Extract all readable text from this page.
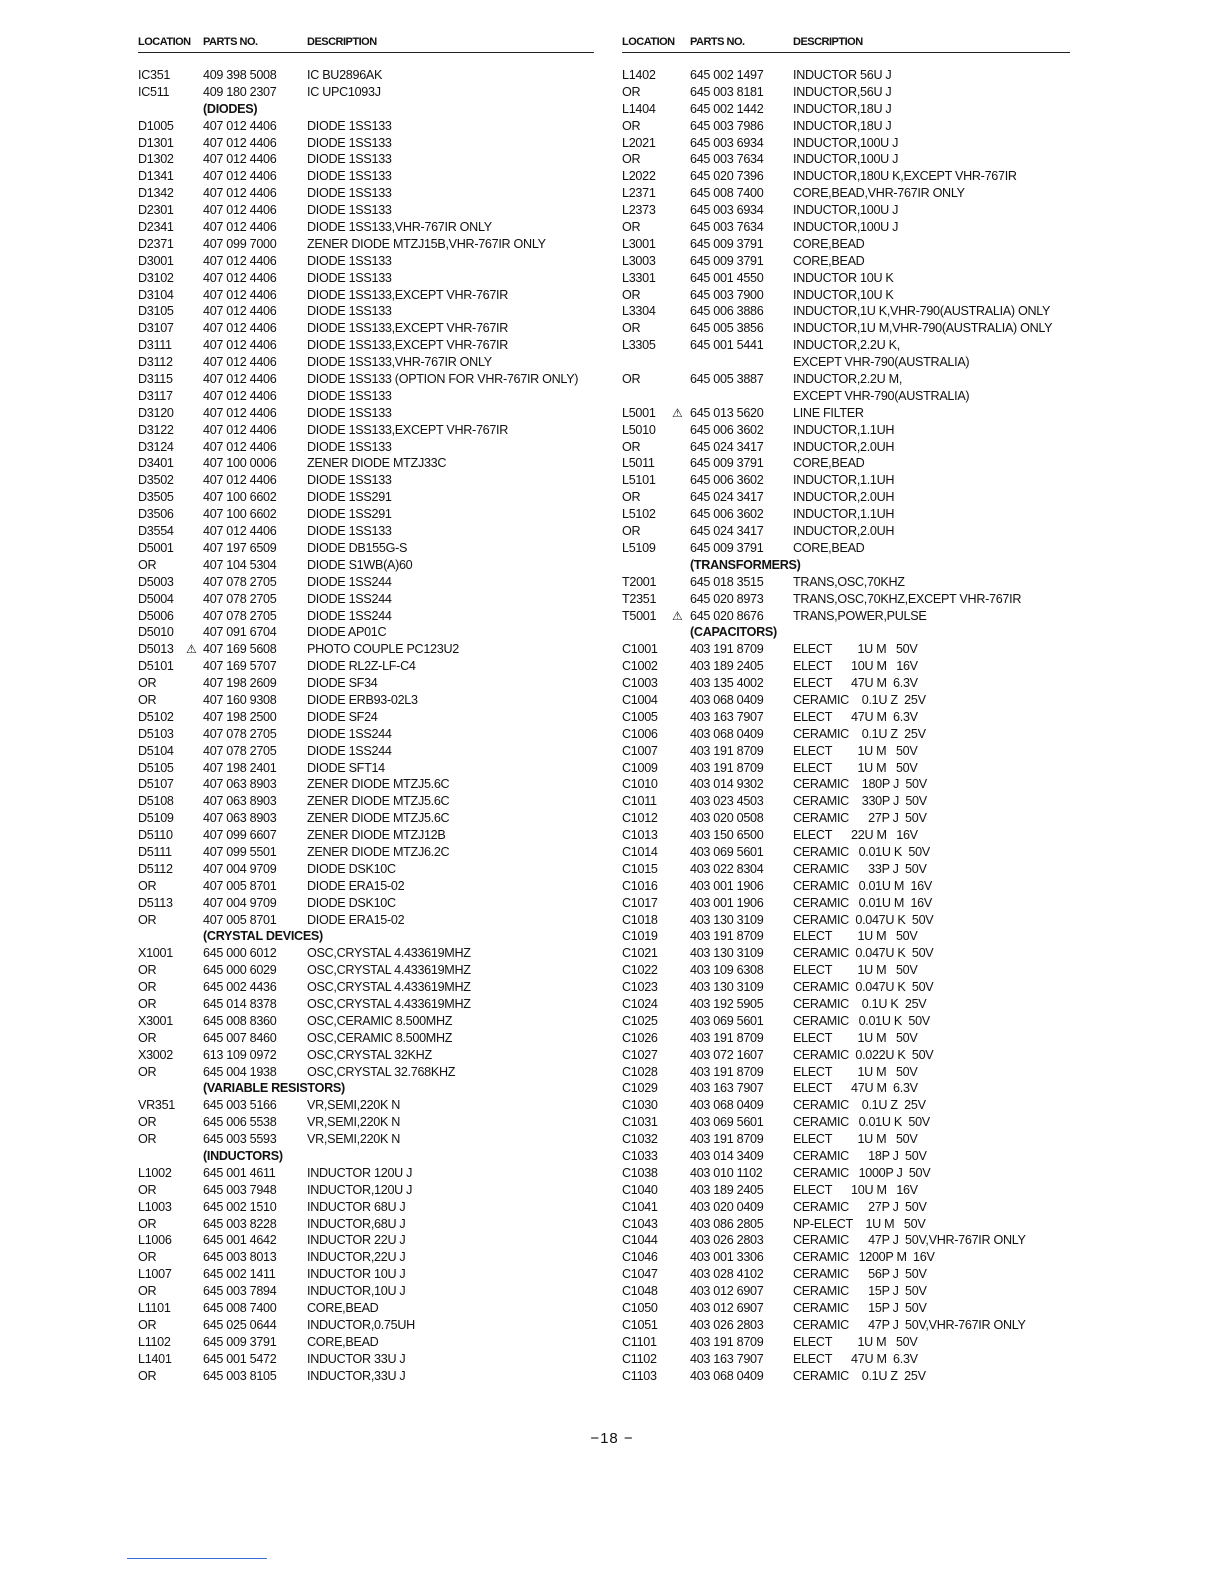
LOCATION PARTS NO.	DESCRIPTION
IC351	409 398 5008 IC BU2896AK
IC511	409 180 2307 IC UPC1093J
(DIODES)
D1005 407 012 4406 DIODE 1SS133
D1301 407 012 4406 DIODE 1SS133
D1302 407 012 4406 DIODE 1SS133
D1341 407 012 4406 DIODE 1SS133
D1342 407 012 4406 DIODE 1SS133
D2301 407 012 4406 DIODE 1SS133
D2341 407 012 4406 DIODE 1SS133,VHR-767IR ONLY
D2371 407 099 7000 ZENER DIODE MTZJ15B,VHR-767IR ONLY
D3001 407 012 4406 DIODE 1SS133
D3102 407 012 4406 DIODE 1SS133
D3104 407 012 4406 DIODE 1SS133,EXCEPT VHR-767IR
D3105 407 012 4406 DIODE 1SS133
D3107 407 012 4406 DIODE 1SS133,EXCEPT VHR-767IR
D3111 407 012 4406 DIODE 1SS133,EXCEPT VHR-767IR
D3112 407 012 4406 DIODE 1SS133,VHR-767IR ONLY
D3115 407 012 4406 DIODE 1SS133 (OPTION FOR VHR-767IR ONLY)
D3117 407 012 4406 DIODE 1SS133
D3120 407 012 4406 DIODE 1SS133
D3122 407 012 4406 DIODE 1SS133,EXCEPT VHR-767IR
D3124 407 012 4406 DIODE 1SS133
D3401 407 100 0006 ZENER DIODE MTZJ33C
D3502 407 012 4406 DIODE 1SS133
D3505 407 100 6602 DIODE 1SS291
D3506 407 100 6602 DIODE 1SS291
D3554 407 012 4406 DIODE 1SS133
D5001 407 197 6509 DIODE DB155G-S
OR	407 104 5304 DIODE S1WB(A)60
D5003 407 078 2705 DIODE 1SS244
D5004 407 078 2705 DIODE 1SS244
D5006 407 078 2705 DIODE 1SS244
D5010 407 091 6704 DIODE AP01C
D5013 407 169 5608 PHOTO COUPLE PC123U2
⚠
D5101 407 169 5707 DIODE RL2Z-LF-C4
OR	407 198 2609 DIODE SF34
OR	407 160 9308 DIODE ERB93-02L3
D5102 407 198 2500 DIODE SF24
D5103 407 078 2705 DIODE 1SS244
D5104 407 078 2705 DIODE 1SS244
D5105 407 198 2401 DIODE SFT14
D5107 407 063 8903 ZENER DIODE MTZJ5.6C
D5108 407 063 8903 ZENER DIODE MTZJ5.6C
D5109 407 063 8903 ZENER DIODE MTZJ5.6C
D5110 407 099 6607 ZENER DIODE MTZJ12B
D5111 407 099 5501 ZENER DIODE MTZJ6.2C
D5112 407 004 9709 DIODE DSK10C
OR	407 005 8701 DIODE ERA15-02
D5113 407 004 9709 DIODE DSK10C
OR	407 005 8701 DIODE ERA15-02
(CRYSTAL DEVICES)
X1001 645 000 6012 OSC,CRYSTAL 4.433619MHZ
OR	645 000 6029 OSC,CRYSTAL 4.433619MHZ
OR	645 002 4436 OSC,CRYSTAL 4.433619MHZ
OR	645 014 8378 OSC,CRYSTAL 4.433619MHZ
X3001 645 008 8360 OSC,CERAMIC 8.500MHZ
OR	645 007 8460 OSC,CERAMIC 8.500MHZ
X3002 613 109 0972 OSC,CRYSTAL 32KHZ
OR	645 004 1938 OSC,CRYSTAL 32.768KHZ
(VARIABLE RESISTORS)
VR351 645 003 5166 VR,SEMI,220K N
OR	645 006 5538 VR,SEMI,220K N
OR	645 003 5593 VR,SEMI,220K N
(INDUCTORS)
L1002 645 001 4611 INDUCTOR 120U J
OR	645 003 7948 INDUCTOR,120U J
L1003 645 002 1510 INDUCTOR 68U J
OR	645 003 8228 INDUCTOR,68U J
L1006 645 001 4642 INDUCTOR 22U J
OR	645 003 8013 INDUCTOR,22U J
L1007 645 002 1411 INDUCTOR 10U J
OR	645 003 7894 INDUCTOR,10U J
L1101	645 008 7400 CORE,BEAD
OR	645 025 0644 INDUCTOR,0.75UH
L1102	645 009 3791 CORE,BEAD
L1401 645 001 5472 INDUCTOR 33U J
OR	645 003 8105 INDUCTOR,33U J
LOCATION PARTS NO.	DESCRIPTION
L1402	645 002 1497 INDUCTOR 56U J
OR	645 003 8181 INDUCTOR,56U J
L1404	645 002 1442 INDUCTOR,18U J
OR	645 003 7986 INDUCTOR,18U J
L2021	645 003 6934 INDUCTOR,100U J
OR	645 003 7634 INDUCTOR,100U J
L2022	645 020 7396 INDUCTOR,180U K,EXCEPT VHR-767IR
L2371	645 008 7400 CORE,BEAD,VHR-767IR ONLY
L2373	645 003 6934 INDUCTOR,100U J
OR	645 003 7634 INDUCTOR,100U J
L3001	645 009 3791 CORE,BEAD
L3003	645 009 3791 CORE,BEAD
L3301	645 001 4550 INDUCTOR 10U K
OR	645 003 7900 INDUCTOR,10U K
L3304	645 006 3886 INDUCTOR,1U K,VHR-790(AUSTRALIA) ONLY
OR	645 005 3856 INDUCTOR,1U M,VHR-790(AUSTRALIA) ONLY
L3305	645 001 5441 INDUCTOR,2.2U K,
EXCEPT VHR-790(AUSTRALIA)
OR	645 005 3887 INDUCTOR,2.2U M,
EXCEPT VHR-790(AUSTRALIA)
L5001	645 013 5620 LINE FILTER
⚠
L5010	645 006 3602 INDUCTOR,1.1UH
OR	645 024 3417 INDUCTOR,2.0UH
L5011	645 009 3791 CORE,BEAD
L5101	645 006 3602 INDUCTOR,1.1UH
OR	645 024 3417 INDUCTOR,2.0UH
L5102	645 006 3602 INDUCTOR,1.1UH
OR	645 024 3417 INDUCTOR,2.0UH
L5109	645 009 3791 CORE,BEAD
(TRANSFORMERS)
T2001	645 018 3515 TRANS,OSC,70KHZ
T2351	645 020 8973 TRANS,OSC,70KHZ,EXCEPT VHR-767IR
T5001	645 020 8676 TRANS,POWER,PULSE
⚠
(CAPACITORS)
C1001	403 191 8709 ELECT        1U M   50V
C1002	403 189 2405 ELECT      10U M   16V
C1003	403 135 4002 ELECT      47U M  6.3V
C1004	403 068 0409 CERAMIC    0.1U Z  25V
C1005	403 163 7907 ELECT      47U M  6.3V
C1006	403 068 0409 CERAMIC    0.1U Z  25V
C1007	403 191 8709 ELECT        1U M   50V
C1009	403 191 8709 ELECT        1U M   50V
C1010	403 014 9302 CERAMIC    180P J  50V
C1011	403 023 4503 CERAMIC    330P J  50V
C1012	403 020 0508 CERAMIC      27P J  50V
C1013	403 150 6500 ELECT      22U M   16V
C1014	403 069 5601 CERAMIC   0.01U K  50V
C1015	403 022 8304 CERAMIC      33P J  50V
C1016	403 001 1906 CERAMIC   0.01U M  16V
C1017	403 001 1906 CERAMIC   0.01U M  16V
C1018	403 130 3109 CERAMIC  0.047U K  50V
C1019	403 191 8709 ELECT        1U M   50V
C1021	403 130 3109 CERAMIC  0.047U K  50V
C1022	403 109 6308 ELECT        1U M   50V
C1023	403 130 3109 CERAMIC  0.047U K  50V
C1024	403 192 5905 CERAMIC    0.1U K  25V
C1025	403 069 5601 CERAMIC   0.01U K  50V
C1026	403 191 8709 ELECT        1U M   50V
C1027	403 072 1607 CERAMIC  0.022U K  50V
C1028	403 191 8709 ELECT        1U M   50V
C1029	403 163 7907 ELECT      47U M  6.3V
C1030	403 068 0409 CERAMIC    0.1U Z  25V
C1031	403 069 5601 CERAMIC   0.01U K  50V
C1032	403 191 8709 ELECT        1U M   50V
C1033	403 014 3409 CERAMIC      18P J  50V
C1038	403 010 1102 CERAMIC   1000P J  50V
C1040	403 189 2405 ELECT      10U M   16V
C1041	403 020 0409 CERAMIC      27P J  50V
C1043	403 086 2805 NP-ELECT    1U M   50V
C1044	403 026 2803 CERAMIC      47P J  50V,VHR-767IR ONLY
C1046	403 001 3306 CERAMIC   1200P M  16V
C1047	403 028 4102 CERAMIC      56P J  50V
C1048	403 012 6907 CERAMIC      15P J  50V
C1050	403 012 6907 CERAMIC      15P J  50V
C1051	403 026 2803 CERAMIC      47P J  50V,VHR-767IR ONLY
C1101	403 191 8709 ELECT        1U M   50V
C1102	403 163 7907 ELECT      47U M  6.3V
C1103	403 068 0409 CERAMIC    0.1U Z  25V
−18 −
